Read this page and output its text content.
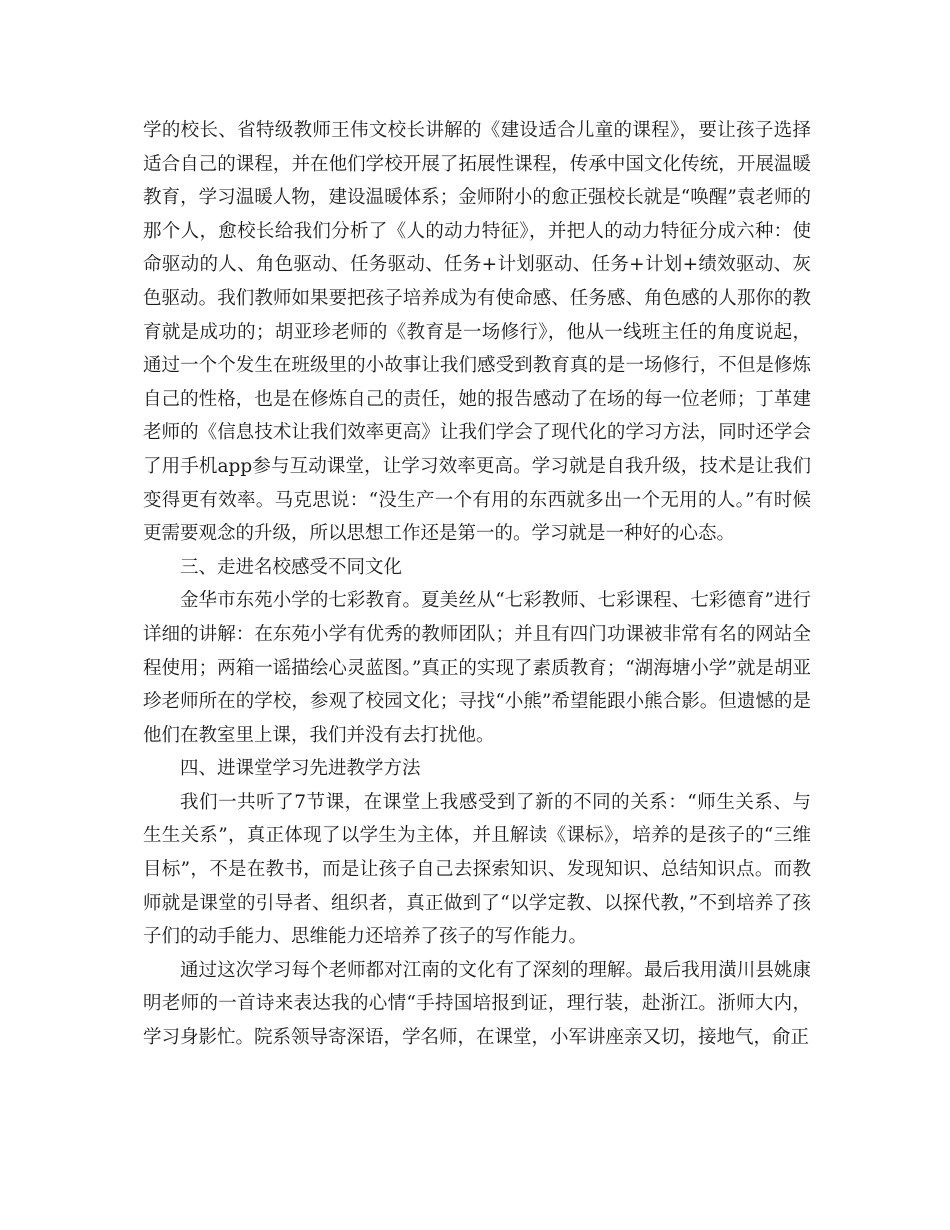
学的校长、省特级教师王伟文校长讲解的《建设适合儿童的课程》，要让孩子选择适合自己的课程，并在他们学校开展了拓展性课程，传承中国文化传统，开展温暖教育，学习温暖人物，建设温暖体系；金师附小的愈正强校长就是“唤醒”袁老师的那个人，愈校长给我们分析了《人的动力特征》，并把人的动力特征分成六种：使命驱动的人、角色驱动、任务驱动、任务+计划驱动、任务+计划+绩效驱动、灰色驱动。我们教师如果要把孩子培养成为有使命感、任务感、角色感的人那你的教育就是成功的；胡亚珍老师的《教育是一场修行》，他从一线班主任的角度说起，通过一个个发生在班级里的小故事让我们感受到教育真的是一场修行，不但是修炼自己的性格，也是在修炼自己的责任，她的报告感动了在场的每一位老师；丁革建老师的《信息技术让我们效率更高》让我们学会了现代化的学习方法，同时还学会了用手机app参与互动课堂，让学习效率更高。学习就是自我升级，技术是让我们变得更有效率。马克思说：“没生产一个有用的东西就多出一个无用的人。”有时候更需要观念的升级，所以思想工作还是第一的。学习就是一种好的心态。

三、走进名校感受不同文化

金华市东苑小学的七彩教育。夏美丝从“七彩教师、七彩课程、七彩德育”进行详细的讲解：在东苑小学有优秀的教师团队；并且有四门功课被非常有名的网站全程使用；两箱一谣描绘心灵蓝图。”真正的实现了素质教育；“湖海塘小学”就是胡亚珍老师所在的学校，参观了校园文化；寻找“小熊”希望能跟小熊合影。但遗憾的是他们在教室里上课，我们并没有去打扰他。

四、进课堂学习先进教学方法

我们一共听了7节课，在课堂上我感受到了新的不同的关系：“师生关系、与生生关系”，真正体现了以学生为主体，并且解读《课标》，培养的是孩子的“三维目标”，不是在教书，而是让孩子自己去探索知识、发现知识、总结知识点。而教师就是课堂的引导者、组织者，真正做到了“以学定教、以探代教，”不到培养了孩子们的动手能力、思维能力还培养了孩子的写作能力。

通过这次学习每个老师都对江南的文化有了深刻的理解。最后我用潢川县姚康明老师的一首诗来表达我的心情“手持国培报到证，理行装，赴浙江。浙师大内，学习身影忙。院系领导寄深语，学名师，在课堂，小军讲座亲又切，接地气，俞正
